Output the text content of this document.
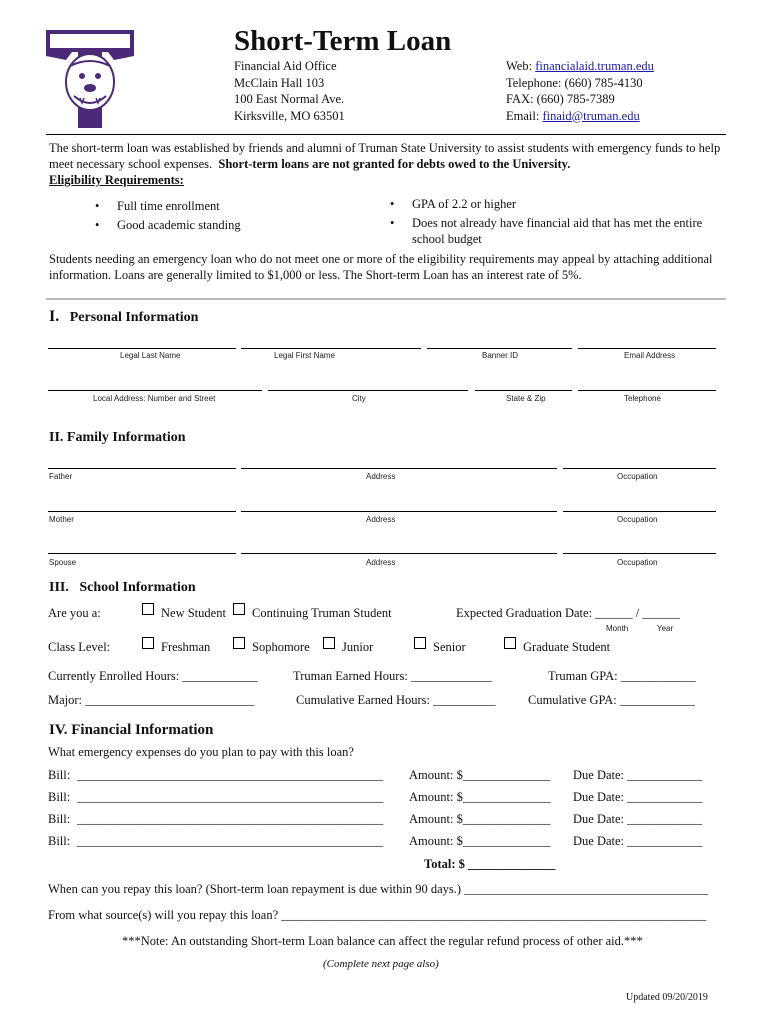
Short-Term Loan
Financial Aid Office
McClain Hall 103
100 East Normal Ave.
Kirksville, MO 63501
Web: financialaid.truman.edu
Telephone: (660) 785-4130
FAX: (660) 785-7389
Email: finaid@truman.edu
The short-term loan was established by friends and alumni of Truman State University to assist students with emergency funds to help meet necessary school expenses. Short-term loans are not granted for debts owed to the University.
Eligibility Requirements:
• Full time enrollment
• Good academic standing
• GPA of 2.2 or higher
• Does not already have financial aid that has met the entire school budget
Students needing an emergency loan who do not meet one or more of the eligibility requirements may appeal by attaching additional information. Loans are generally limited to $1,000 or less. The Short-term Loan has an interest rate of 5%.
I. Personal Information
Legal Last Name	Legal First Name	Banner ID	Email Address
Local Address: Number and Street	City	State & Zip	Telephone
II. Family Information
Father	Address	Occupation
Mother	Address	Occupation
Spouse	Address	Occupation
III. School Information
Are you a:	New Student Continuing Truman Student	Expected Graduation Date: ______ / ______
Month	Year
Class Level:	Freshman	Sophomore	Junior	Senior	Graduate Student
Currently Enrolled Hours: ____________	Truman Earned Hours: _____________	Truman GPA: ____________
Major: ___________________________	Cumulative Earned Hours: __________	Cumulative GPA: ____________
IV. Financial Information
What emergency expenses do you plan to pay with this loan?
Bill: _________________________________________________ Amount: $______________ Due Date: ____________
Bill: _________________________________________________ Amount: $______________ Due Date: ____________
Bill: _________________________________________________ Amount: $______________ Due Date: ____________
Bill: _________________________________________________ Amount: $______________ Due Date: ____________
Total: $ ______________
When can you repay this loan? (Short-term loan repayment is due within 90 days.) _______________________________________
From what source(s) will you repay this loan? ____________________________________________________________________
***Note: An outstanding Short-term Loan balance can affect the regular refund process of other aid.***
(Complete next page also)
Updated 09/20/2019
